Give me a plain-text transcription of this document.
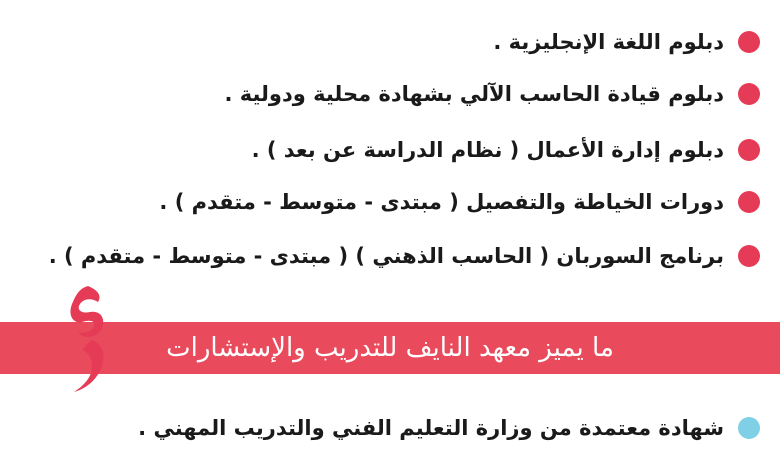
دبلوم اللغة الإنجليزية .
دبلوم قيادة الحاسب الآلي بشهادة محلية ودولية .
دبلوم إدارة الأعمال ( نظام الدراسة عن بعد ) .
دورات الخياطة والتفصيل ( مبتدى - متوسط - متقدم ) .
برنامج السوربان ( الحاسب الذهني ) ( مبتدى - متوسط - متقدم ) .
ما يميز معهد النايف للتدريب والإستشارات
شهادة معتمدة من وزارة التعليم الفني والتدريب المهني .
